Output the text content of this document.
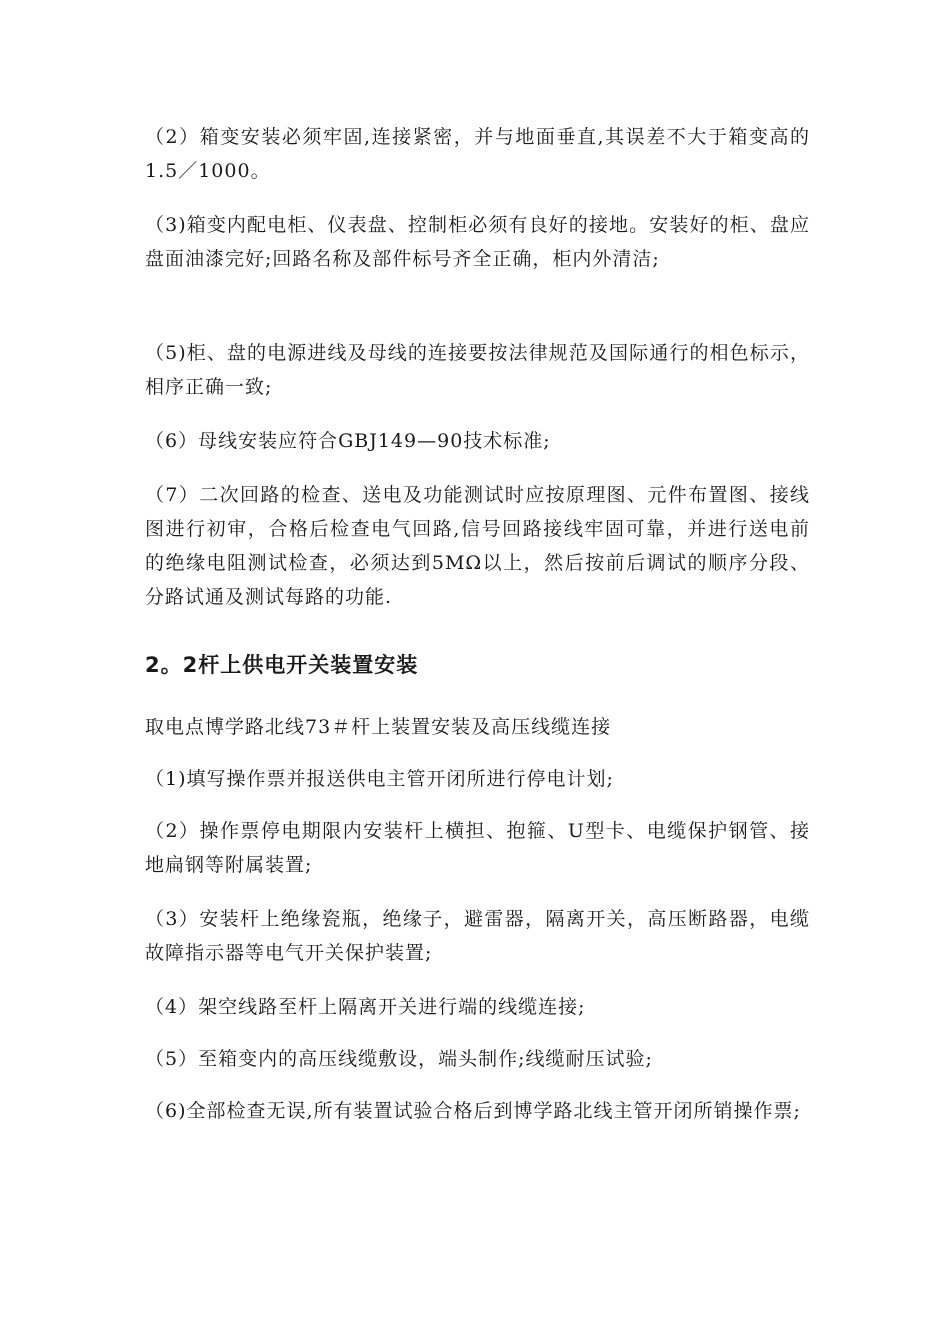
（2）箱变安装必须牢固,连接紧密，并与地面垂直,其误差不大于箱变高的1.5／1000。

（3)箱变内配电柜、仪表盘、控制柜必须有良好的接地。安装好的柜、盘应盘面油漆完好;回路名称及部件标号齐全正确，柜内外清洁;

（5)柜、盘的电源进线及母线的连接要按法律规范及国际通行的相色标示，相序正确一致;

（6）母线安装应符合GBJ149—90技术标准;

（7）二次回路的检查、送电及功能测试时应按原理图、元件布置图、接线图进行初审，合格后检查电气回路,信号回路接线牢固可靠，并进行送电前的绝缘电阻测试检查，必须达到5MΩ以上，然后按前后调试的顺序分段、分路试通及测试每路的功能.

2。2杆上供电开关装置安装

取电点博学路北线73＃杆上装置安装及高压线缆连接

（1)填写操作票并报送供电主管开闭所进行停电计划;

（2）操作票停电期限内安装杆上横担、抱箍、U型卡、电缆保护钢管、接地扁钢等附属装置;

（3）安装杆上绝缘瓷瓶，绝缘子，避雷器，隔离开关，高压断路器，电缆故障指示器等电气开关保护装置;

（4）架空线路至杆上隔离开关进行端的线缆连接;

（5）至箱变内的高压线缆敷设，端头制作;线缆耐压试验;

（6)全部检查无误,所有装置试验合格后到博学路北线主管开闭所销操作票;
